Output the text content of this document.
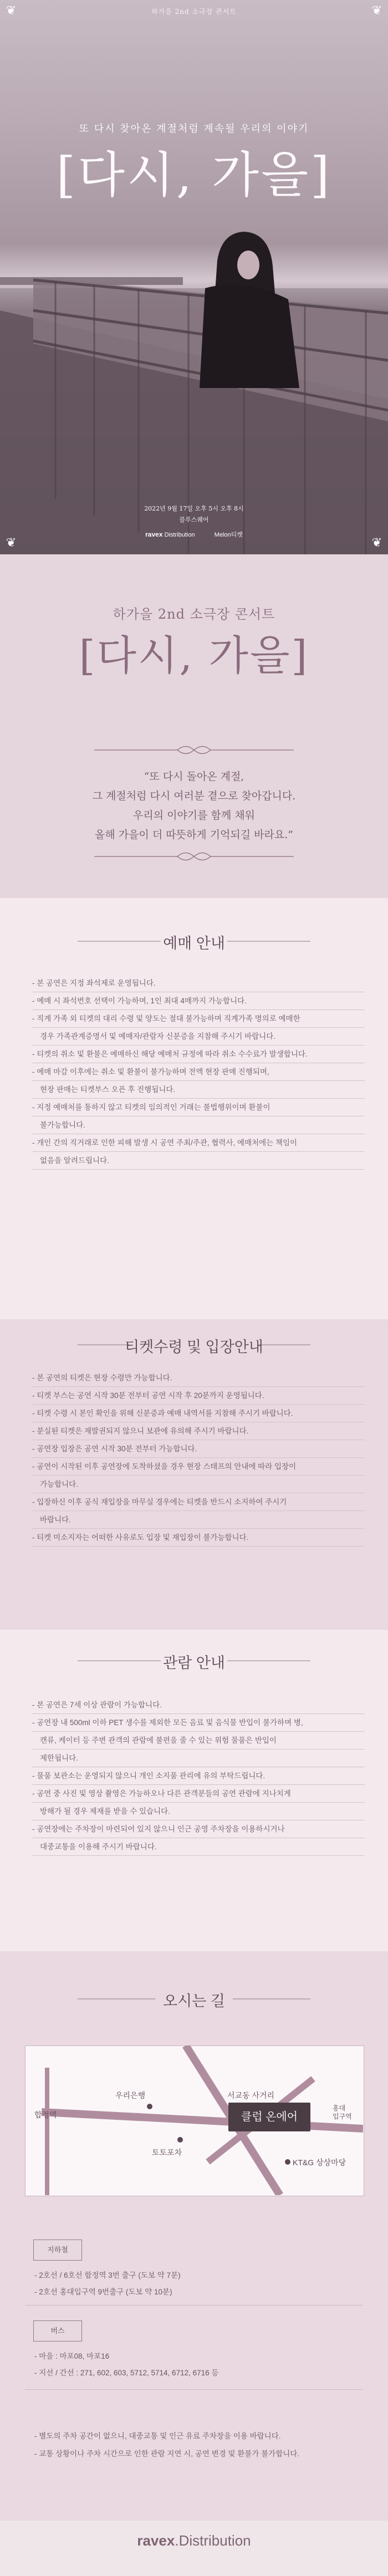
하가을 2nd 소극장 콘서트
또 다시 찾아온 계절처럼 계속될 우리의 이야기
[다시, 가을]
2022년 9월 17일 오후 5시 오후 8시
블루스퀘어
ravex Distribution	Melon티켓
❦	❦
❦	❦
하가을 2nd 소극장 콘서트
[다시, 가을]
“또 다시 돌아온 계절,
그 계절처럼 다시 여러분 곁으로 찾아갑니다.
우리의 이야기를 함께 채워
올해 가을이 더 따뜻하게 기억되길 바라요.”
예매 안내
- 본 공연은 지정 좌석제로 운영됩니다.
- 예매 시 좌석번호 선택이 가능하며, 1인 최대 4매까지 가능합니다.
- 직계 가족 외 티켓의 대리 수령 및 양도는 절대 불가능하며 직계가족 명의로 예매한
경우 가족관계증명서 및 예매자/관람자 신분증을 지참해 주시기 바랍니다.
- 티켓의 취소 및 환불은 예매하신 해당 예매처 규정에 따라 취소 수수료가 발생합니다.
- 예매 마감 이후에는 취소 및 환불이 불가능하며 전액 현장 판매 진행되며,
현장 판매는 티켓부스 오픈 후 진행됩니다.
- 지정 예매처를 통하지 않고 티켓의 임의적인 거래는 불법행위이며 환불이
불가능합니다.
- 개인 간의 직거래로 인한 피해 발생 시 공연 주최/주관, 협력사, 예매처에는 책임이
없음을 알려드립니다.
티켓수령 및 입장안내
- 본 공연의 티켓은 현장 수령만 가능합니다.
- 티켓 부스는 공연 시작 30분 전부터 공연 시작 후 20분까지 운영됩니다.
- 티켓 수령 시 본인 확인을 위해 신분증과 예매 내역서를 지참해 주시기 바랍니다.
- 분실된 티켓은 재발권되지 않으니 보관에 유의해 주시기 바랍니다.
- 공연장 입장은 공연 시작 30분 전부터 가능합니다.
- 공연이 시작된 이후 공연장에 도착하셨을 경우 현장 스태프의 안내에 따라 입장이
가능합니다.
- 입장하신 이후 공식 재입장을 마무실 경우에는 티켓을 반드시 소지하여 주시기
바랍니다.
- 티켓 미소지자는 어떠한 사유로도 입장 및 재입장이 불가능합니다.
관람 안내
- 본 공연은 7세 이상 관람이 가능합니다.
- 공연장 내 500ml 이하 PET 생수를 제외한 모든 음료 및 음식물 반입이 불가하며 병,
캔류, 케이터 등 주변 관객의 관람에 불편을 줄 수 있는 위험 물품은 반입이
제한됩니다.
- 물품 보관소는 운영되지 않으니 개인 소지품 관리에 유의 부탁드립니다.
- 공연 중 사진 및 영상 촬영은 가능하오나 다른 관객분들의 공연 관람에 지나치게
방해가 될 경우 제재를 받을 수 있습니다.
- 공연장에는 주차장이 마련되어 있지 않으니 인근 공영 주차장을 이용하시거나
대중교통을 이용해 주시기 바랍니다.
오시는 길
합정역
우리은행	서교동 사거리
홍대
입구역
토토포차
클럽 온에어
KT&G 상상마당
지하철
- 2호선 / 6호선 합정역 3번 출구 (도보 약 7분)
- 2호선 홍대입구역 9번출구 (도보 약 10분)
버스
- 마을 : 마포08, 마포16
- 지선 / 간선 : 271, 602, 603, 5712, 5714, 6712, 6716 등
- 별도의 주차 공간이 없으니, 대중교통 및 인근 유료 주차장을 이용 바랍니다.
- 교통 상황이나 주차 시간으로 인한 관람 지연 시, 공연 변경 및 환불가 불가합니다.
ravex.Distribution
